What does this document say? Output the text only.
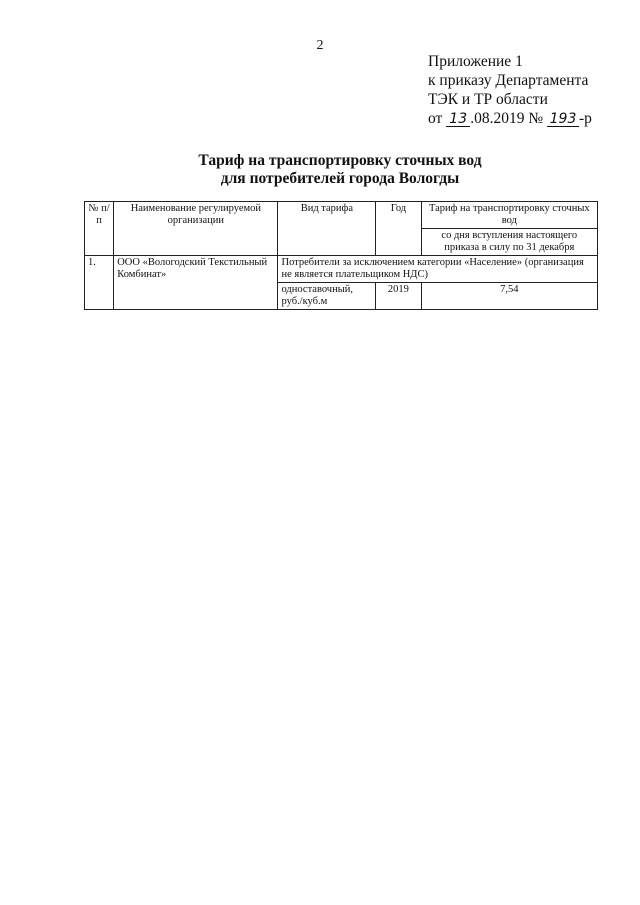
2
Приложение 1
к приказу Департамента
ТЭК и ТР области
от 13 .08.2019 № 193 -р
Тариф на транспортировку сточных вод
для потребителей города Вологды
№ п/п	Наименование регулируемой организации	Вид тарифа	Год	Тариф на транспортировку сточных вод
				со дня вступления настоящего приказа в силу по 31 декабря
1.	ООО «Вологодский Текстильный Комбинат»	Потребители за исключением категории «Население» (организация не является плательщиком НДС)		
		одноставочный, руб./куб.м	2019	7,54
